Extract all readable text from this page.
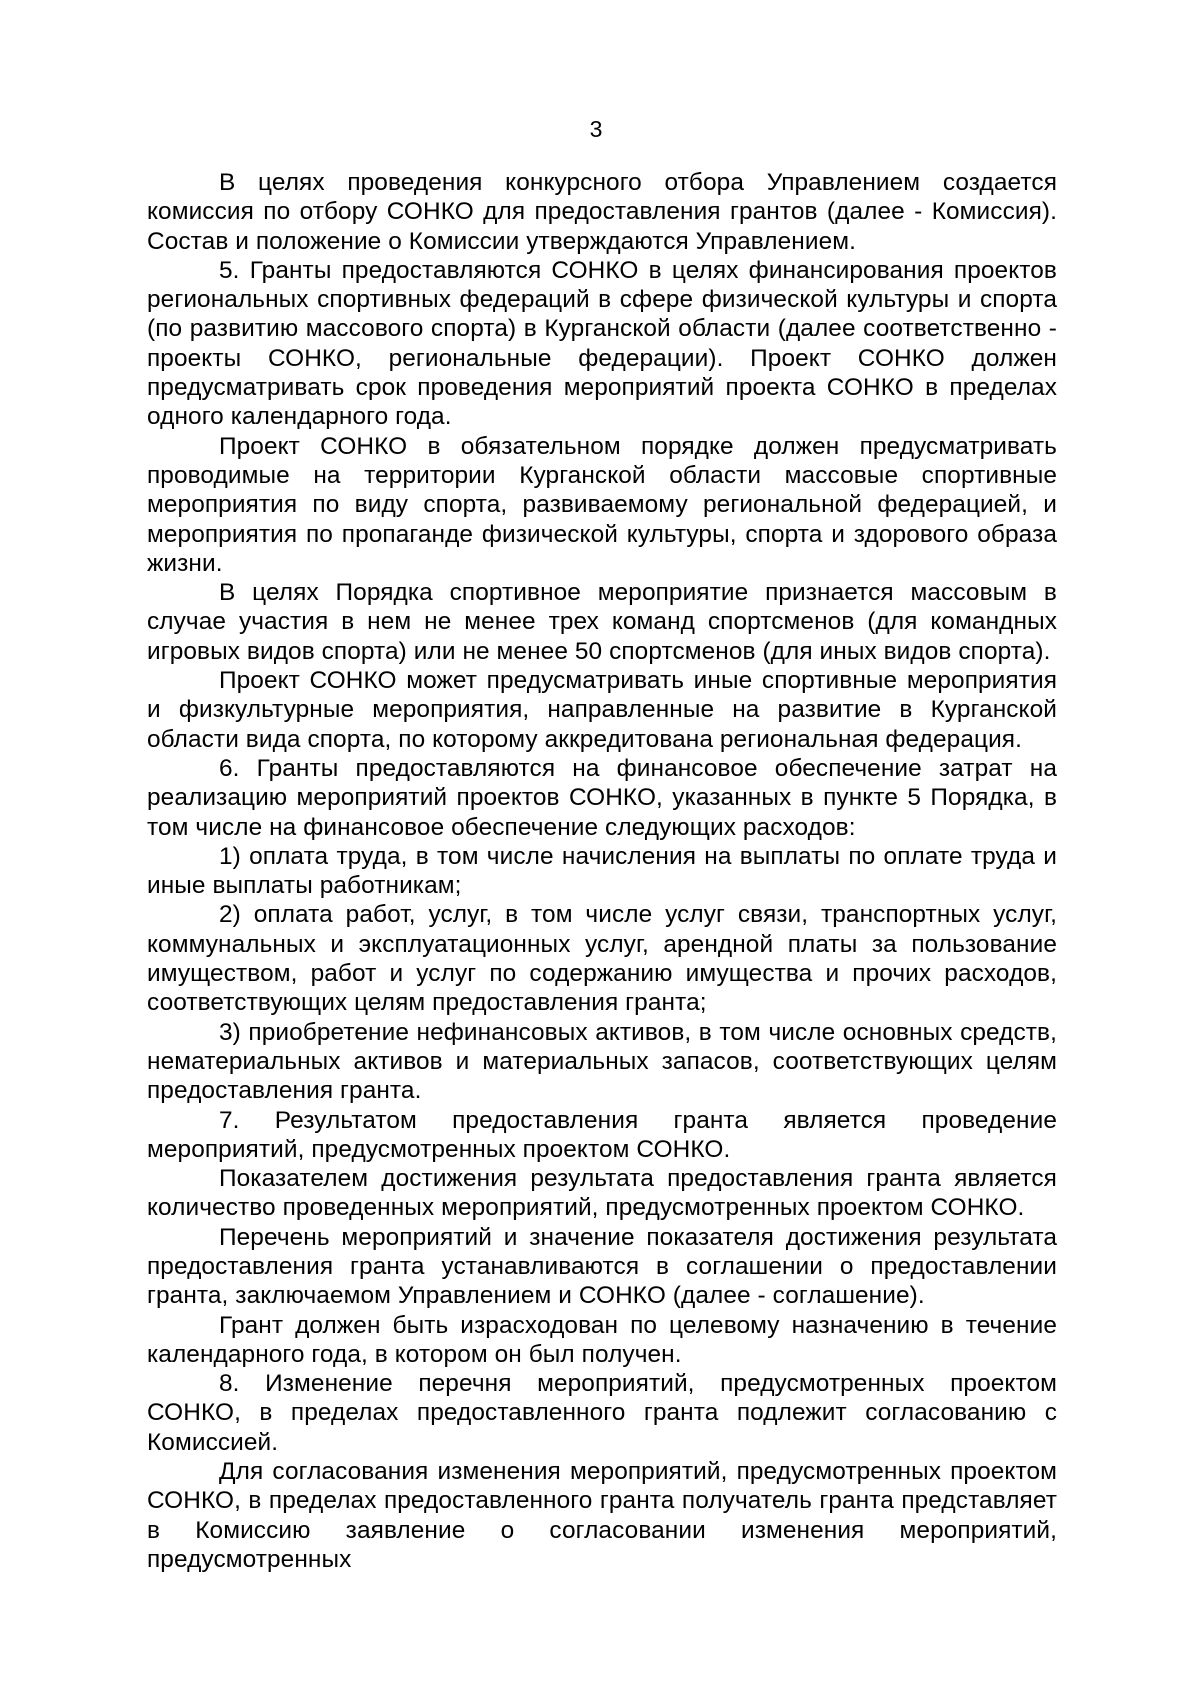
3

В целях проведения конкурсного отбора Управлением создается комиссия по отбору СОНКО для предоставления грантов (далее - Комиссия). Состав и положение о Комиссии утверждаются Управлением.

5. Гранты предоставляются СОНКО в целях финансирования проектов региональных спортивных федераций в сфере физической культуры и спорта (по развитию массового спорта) в Курганской области (далее соответственно - проекты СОНКО, региональные федерации). Проект СОНКО должен предусматривать срок проведения мероприятий проекта СОНКО в пределах одного календарного года.

Проект СОНКО в обязательном порядке должен предусматривать проводимые на территории Курганской области массовые спортивные мероприятия по виду спорта, развиваемому региональной федерацией, и мероприятия по пропаганде физической культуры, спорта и здорового образа жизни.

В целях Порядка спортивное мероприятие признается массовым в случае участия в нем не менее трех команд спортсменов (для командных игровых видов спорта) или не менее 50 спортсменов (для иных видов спорта).

Проект СОНКО может предусматривать иные спортивные мероприятия и физкультурные мероприятия, направленные на развитие в Курганской области вида спорта, по которому аккредитована региональная федерация.

6. Гранты предоставляются на финансовое обеспечение затрат на реализацию мероприятий проектов СОНКО, указанных в пункте 5 Порядка, в том числе на финансовое обеспечение следующих расходов:

1) оплата труда, в том числе начисления на выплаты по оплате труда и иные выплаты работникам;

2) оплата работ, услуг, в том числе услуг связи, транспортных услуг, коммунальных и эксплуатационных услуг, арендной платы за пользование имуществом, работ и услуг по содержанию имущества и прочих расходов, соответствующих целям предоставления гранта;

3) приобретение нефинансовых активов, в том числе основных средств, нематериальных активов и материальных запасов, соответствующих целям предоставления гранта.

7. Результатом предоставления гранта является проведение мероприятий, предусмотренных проектом СОНКО.

Показателем достижения результата предоставления гранта является количество проведенных мероприятий, предусмотренных проектом СОНКО.

Перечень мероприятий и значение показателя достижения результата предоставления гранта устанавливаются в соглашении о предоставлении гранта, заключаемом Управлением и СОНКО (далее - соглашение).

Грант должен быть израсходован по целевому назначению в течение календарного года, в котором он был получен.

8. Изменение перечня мероприятий, предусмотренных проектом СОНКО, в пределах предоставленного гранта подлежит согласованию с Комиссией.

Для согласования изменения мероприятий, предусмотренных проектом СОНКО, в пределах предоставленного гранта получатель гранта представляет в Комиссию заявление о согласовании изменения мероприятий, предусмотренных
